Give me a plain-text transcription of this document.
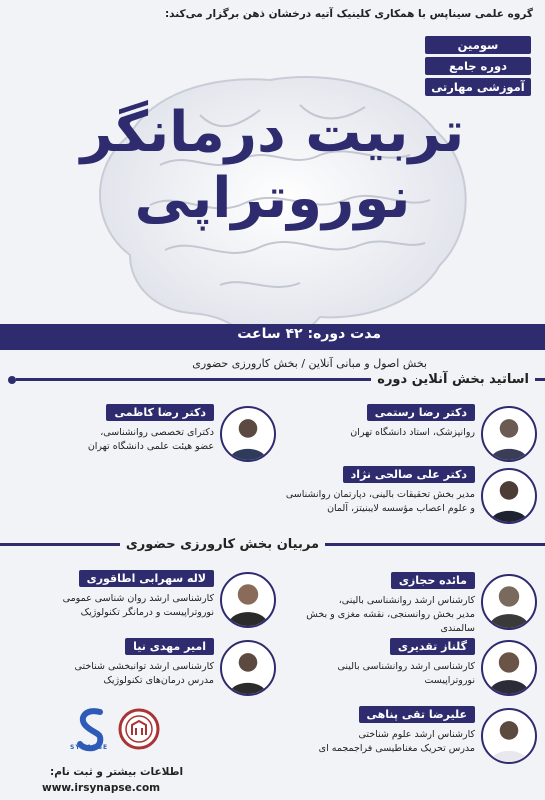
گروه علمی سیناپس با همکاری کلینیک آتیه درخشان ذهن برگزار می‌کند:
سومین
دوره جامع
آموزشی مهارتی
تربیت درمانگر
نوروتراپی
مدت دوره: ۴۲ ساعت
بخش اصول و مبانی آنلاین / بخش کارورزی حضوری
اساتید بخش آنلاین دوره
دکتر رضا رستمی
روانپزشک، استاد دانشگاه تهران
دکتر رضا کاظمی
دکترای تخصصی روانشناسی،
عضو هیئت علمی دانشگاه تهران
دکتر علی صالحی نژاد
مدیر بخش تحقیقات بالینی، دپارتمان روانشناسی
و علوم اعصاب مؤسسه لایبنیتز، آلمان
مربیان بخش کارورزی حضوری
مائده حجازی
کارشناس ارشد روانشناسی بالینی،
مدیر بخش روانسنجی، نقشه مغزی و بخش سالمندی
لاله سهرابی اطاقوری
کارشناسی ارشد روان شناسی عمومی
نوروتراپیست و درمانگر تکنولوژیک
گلناز تقدیری
کارشناسی ارشد روانشناسی بالینی
نوروتراپیست
امیر مهدی نیا
کارشناسی ارشد توانبخشی شناختی
مدرس درمان‌های تکنولوژیک
علیرضا تقی پناهی
کارشناس ارشد علوم شناختی
مدرس تحریک مغناطیسی فراجمجمه ای
SYNAPSE
اطلاعات بیشتر و ثبت نام:
www.irsynapse.com
